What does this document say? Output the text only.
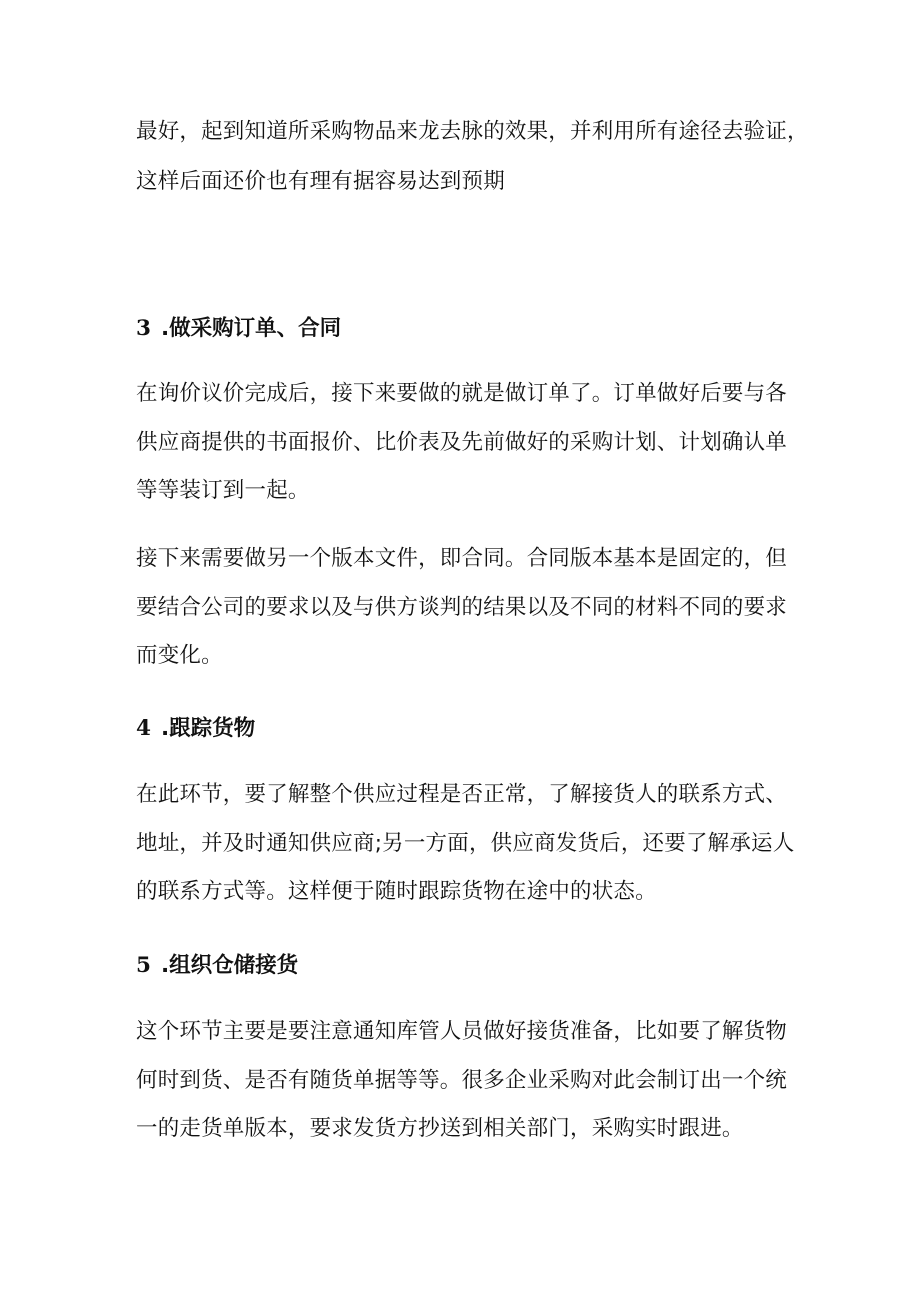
最好，起到知道所采购物品来龙去脉的效果，并利用所有途径去验证，
这样后面还价也有理有据容易达到预期
3 .做采购订单、合同
在询价议价完成后，接下来要做的就是做订单了。订单做好后要与各
供应商提供的书面报价、比价表及先前做好的采购计划、计划确认单
等等装订到一起。
接下来需要做另一个版本文件，即合同。合同版本基本是固定的，但
要结合公司的要求以及与供方谈判的结果以及不同的材料不同的要求
而变化。
4 .跟踪货物
在此环节，要了解整个供应过程是否正常，了解接货人的联系方式、
地址，并及时通知供应商;另一方面，供应商发货后，还要了解承运人
的联系方式等。这样便于随时跟踪货物在途中的状态。
5 .组织仓储接货
这个环节主要是要注意通知库管人员做好接货准备，比如要了解货物
何时到货、是否有随货单据等等。很多企业采购对此会制订出一个统
一的走货单版本，要求发货方抄送到相关部门，采购实时跟进。
